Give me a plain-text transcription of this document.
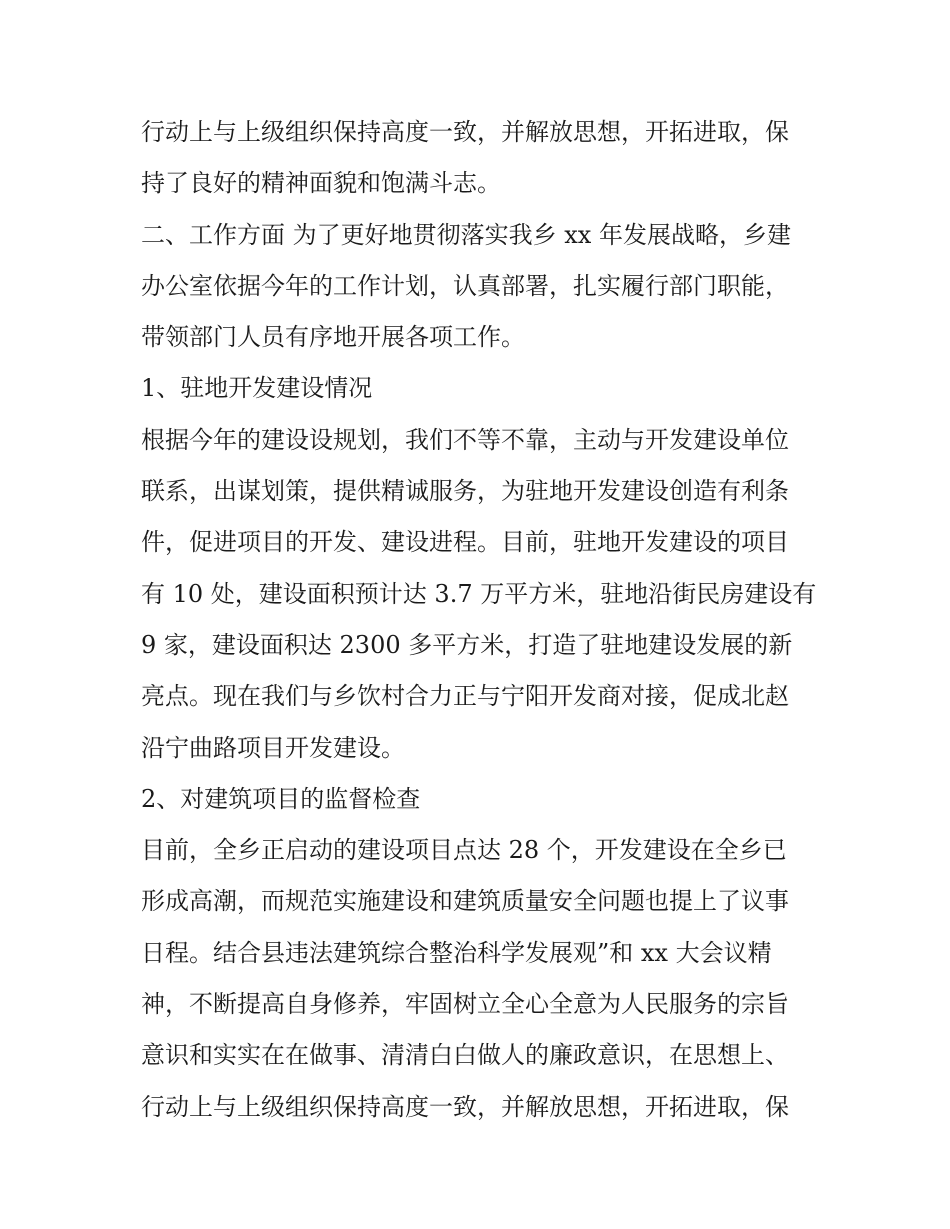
行动上与上级组织保持高度一致，并解放思想，开拓进取，保
持了良好的精神面貌和饱满斗志。
二、工作方面 为了更好地贯彻落实我乡 xx 年发展战略，乡建
办公室依据今年的工作计划，认真部署，扎实履行部门职能，
带领部门人员有序地开展各项工作。
1、驻地开发建设情况
根据今年的建设设规划，我们不等不靠，主动与开发建设单位
联系，出谋划策，提供精诚服务，为驻地开发建设创造有利条
件，促进项目的开发、建设进程。目前，驻地开发建设的项目
有 10 处，建设面积预计达 3.7 万平方米，驻地沿街民房建设有
9 家，建设面积达 2300 多平方米，打造了驻地建设发展的新
亮点。现在我们与乡饮村合力正与宁阳开发商对接，促成北赵
沿宁曲路项目开发建设。
2、对建筑项目的监督检查
目前，全乡正启动的建设项目点达 28 个，开发建设在全乡已
形成高潮，而规范实施建设和建筑质量安全问题也提上了议事
日程。结合县违法建筑综合整治科学发展观”和 xx 大会议精
神，不断提高自身修养，牢固树立全心全意为人民服务的宗旨
意识和实实在在做事、清清白白做人的廉政意识，在思想上、
行动上与上级组织保持高度一致，并解放思想，开拓进取，保
